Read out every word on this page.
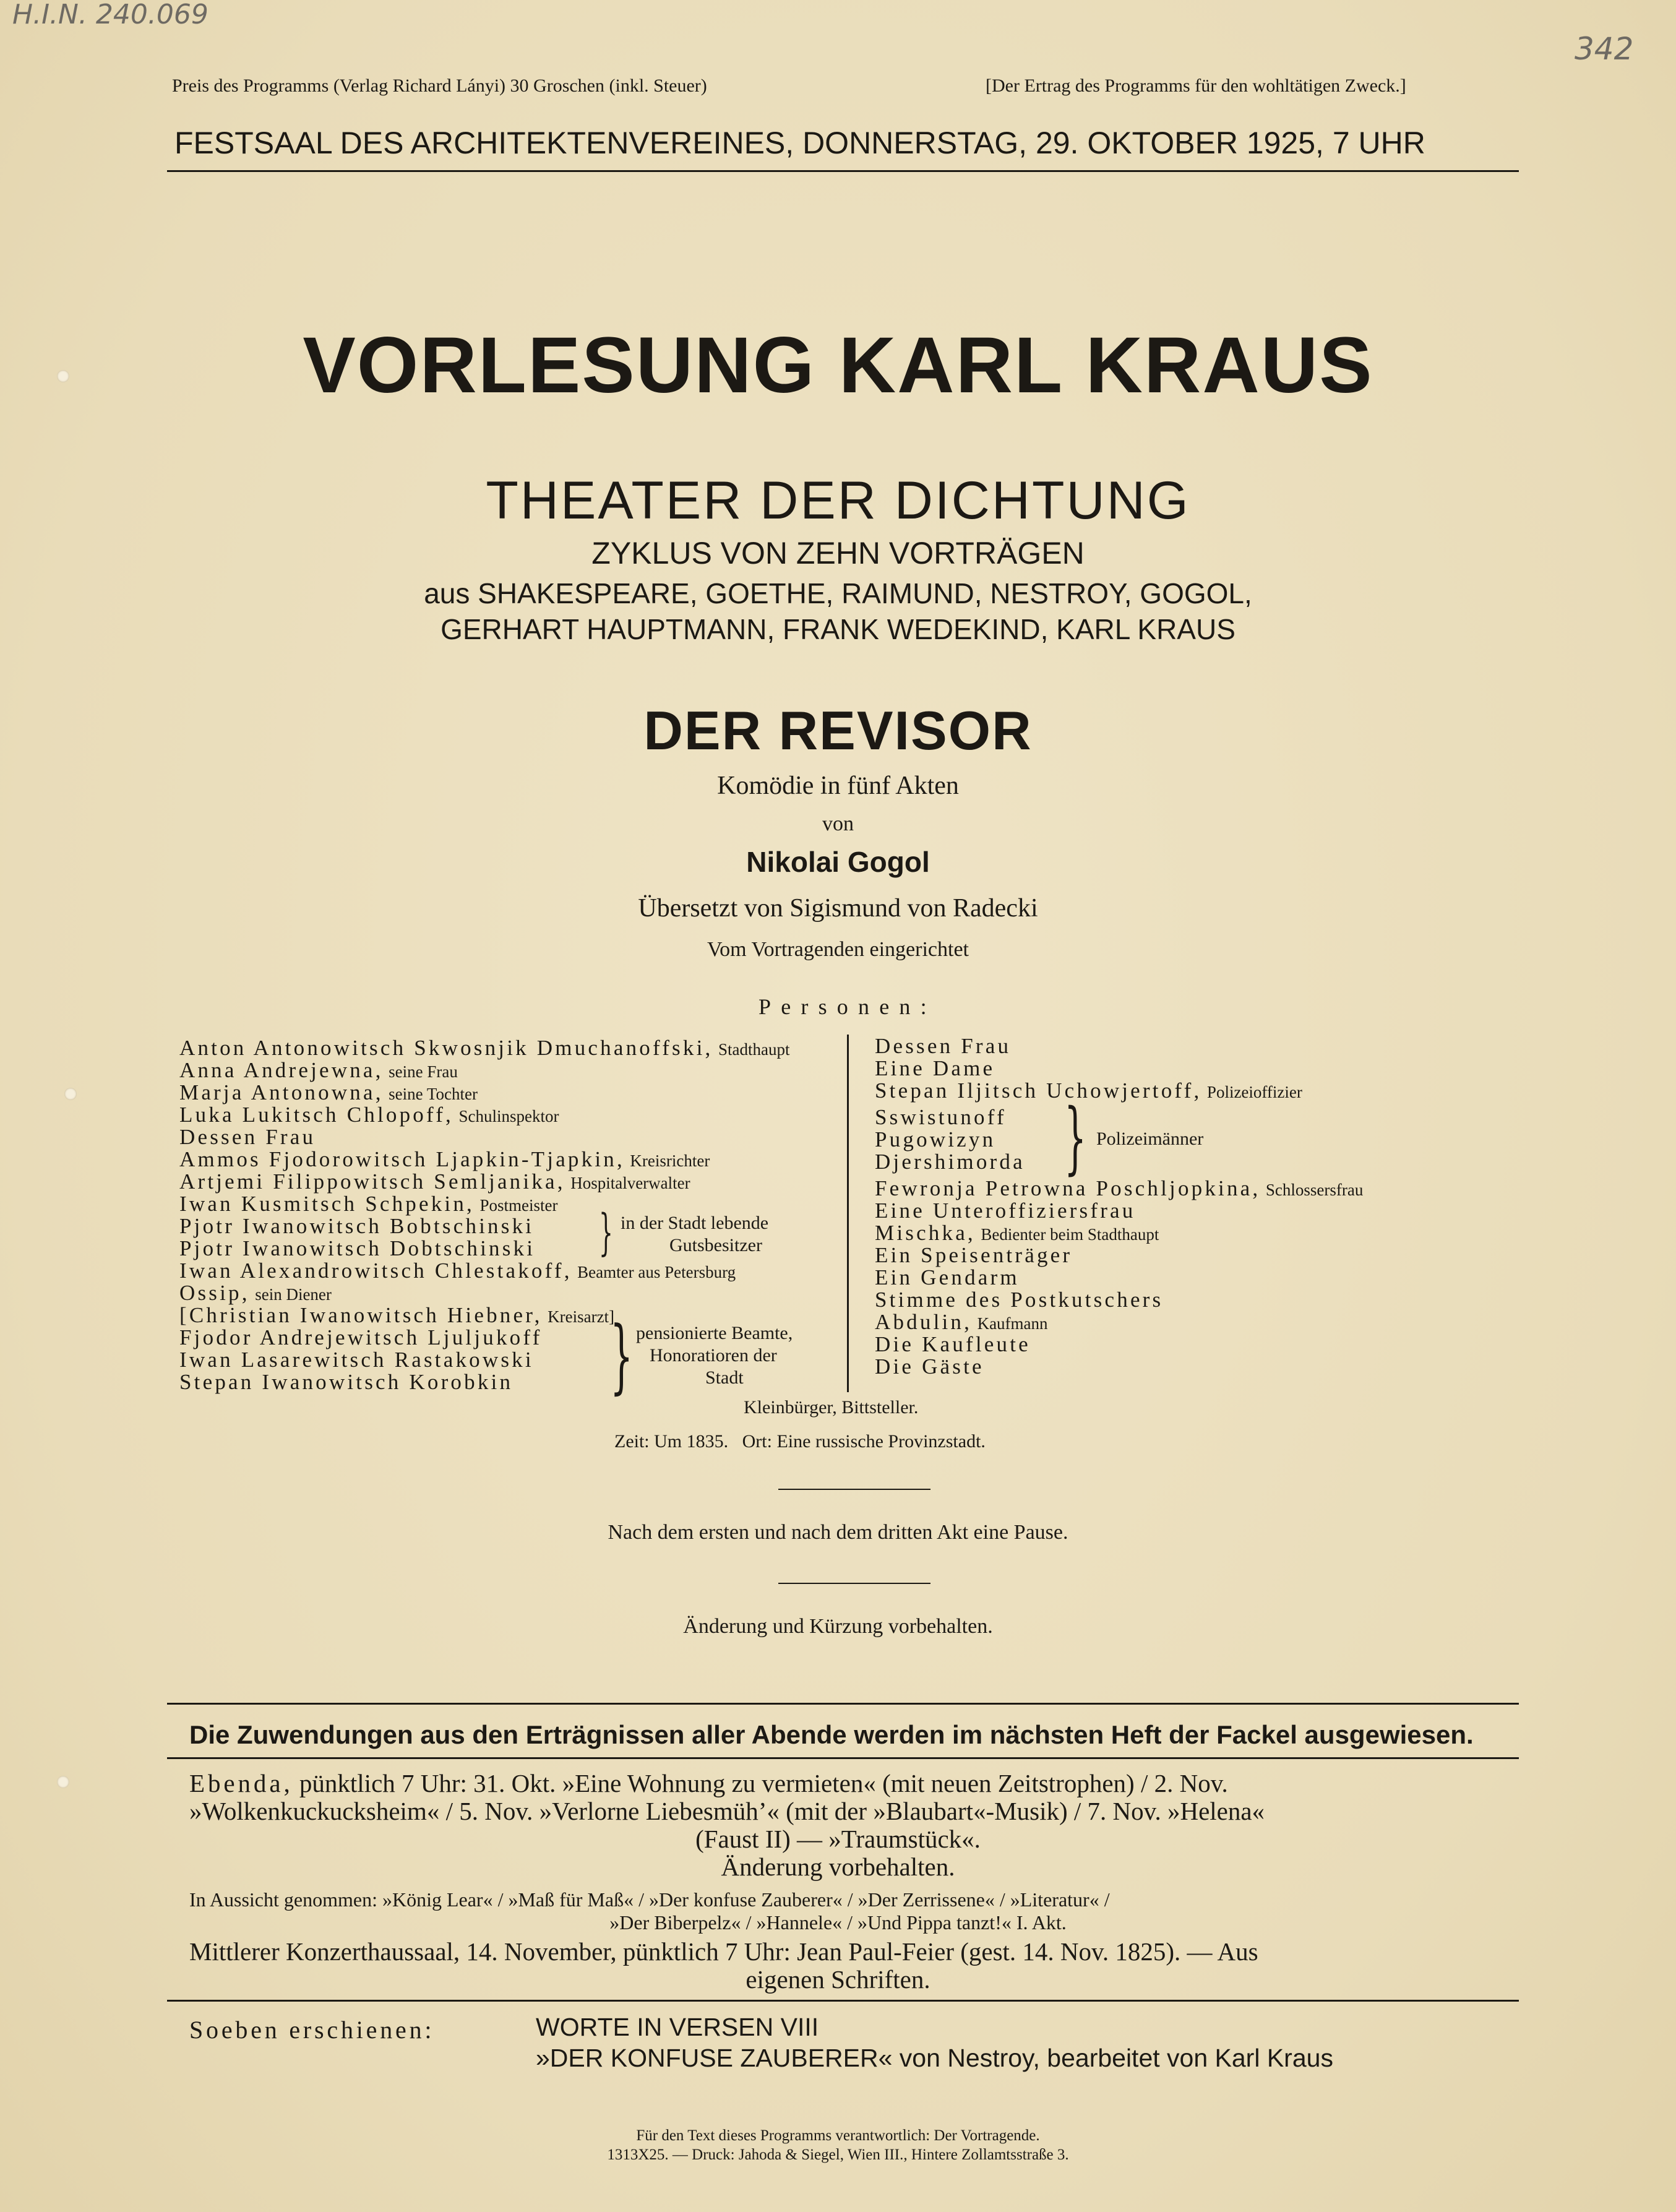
H.I.N. 240.069
342
Preis des Programms (Verlag Richard Lányi) 30 Groschen (inkl. Steuer)	[Der Ertrag des Programms für den wohltätigen Zweck.]
FESTSAAL DES ARCHITEKTENVEREINES, DONNERSTAG, 29. OKTOBER 1925, 7 UHR
VORLESUNG KARL KRAUS
THEATER DER DICHTUNG
ZYKLUS VON ZEHN VORTRÄGEN
aus SHAKESPEARE, GOETHE, RAIMUND, NESTROY, GOGOL,
GERHART HAUPTMANN, FRANK WEDEKIND, KARL KRAUS
DER REVISOR
Komödie in fünf Akten
von
Nikolai Gogol
Übersetzt von Sigismund von Radecki
Vom Vortragenden eingerichtet
Personen:
Anton Antonowitsch Skwosnjik Dmuchanoffski, Stadthaupt
Anna Andrejewna, seine Frau
Marja Antonowna, seine Tochter
Luka Lukitsch Chlopoff, Schulinspektor
Dessen Frau
Ammos Fjodorowitsch Ljapkin-Tjapkin, Kreisrichter
Artjemi Filippowitsch Semljanika, Hospitalverwalter
Iwan Kusmitsch Schpekin, Postmeister
Pjotr Iwanowitsch Bobtschinski
Pjotr Iwanowitsch Dobtschinski
Iwan Alexandrowitsch Chlestakoff, Beamter aus Petersburg
Ossip, sein Diener
[Christian Iwanowitsch Hiebner, Kreisarzt]
Fjodor Andrejewitsch Ljuljukoff
Iwan Lasarewitsch Rastakowski
Stepan Iwanowitsch Korobkin
} in der Stadt lebende
Gutsbesitzer
} pensionierte Beamte,
Honoratioren der
Stadt
Dessen Frau
Eine Dame
Stepan Iljitsch Uchowjertoff, Polizeioffizier
Sswistunoff
Pugowizyn
Djershimorda
Fewronja Petrowna Poschljopkina, Schlossersfrau
Eine Unteroffiziersfrau
Mischka, Bedienter beim Stadthaupt
Ein Speisenträger
Ein Gendarm
Stimme des Postkutschers
Abdulin, Kaufmann
Die Kaufleute
Die Gäste
} Polizeimänner
Kleinbürger, Bittsteller.
Zeit: Um 1835.   Ort: Eine russische Provinzstadt.
Nach dem ersten und nach dem dritten Akt eine Pause.
Änderung und Kürzung vorbehalten.
Die Zuwendungen aus den Erträgnissen aller Abende werden im nächsten Heft der Fackel ausgewiesen.
Ebenda, pünktlich 7 Uhr: 31. Okt. »Eine Wohnung zu vermieten« (mit neuen Zeitstrophen) / 2. Nov.
»Wolkenkuckucksheim« / 5. Nov. »Verlorne Liebesmüh’« (mit der »Blaubart«-Musik) / 7. Nov. »Helena«
(Faust II) — »Traumstück«.
Änderung vorbehalten.
In Aussicht genommen: »König Lear« / »Maß für Maß« / »Der konfuse Zauberer« / »Der Zerrissene« / »Literatur« /
»Der Biberpelz« / »Hannele« / »Und Pippa tanzt!« I. Akt.
Mittlerer Konzerthaussaal, 14. November, pünktlich 7 Uhr: Jean Paul-Feier (gest. 14. Nov. 1825). — Aus
eigenen Schriften.
Soeben erschienen:	WORTE IN VERSEN VIII
»DER KONFUSE ZAUBERER« von Nestroy, bearbeitet von Karl Kraus
Für den Text dieses Programms verantwortlich: Der Vortragende.
1313X25. — Druck: Jahoda & Siegel, Wien III., Hintere Zollamtsstraße 3.
